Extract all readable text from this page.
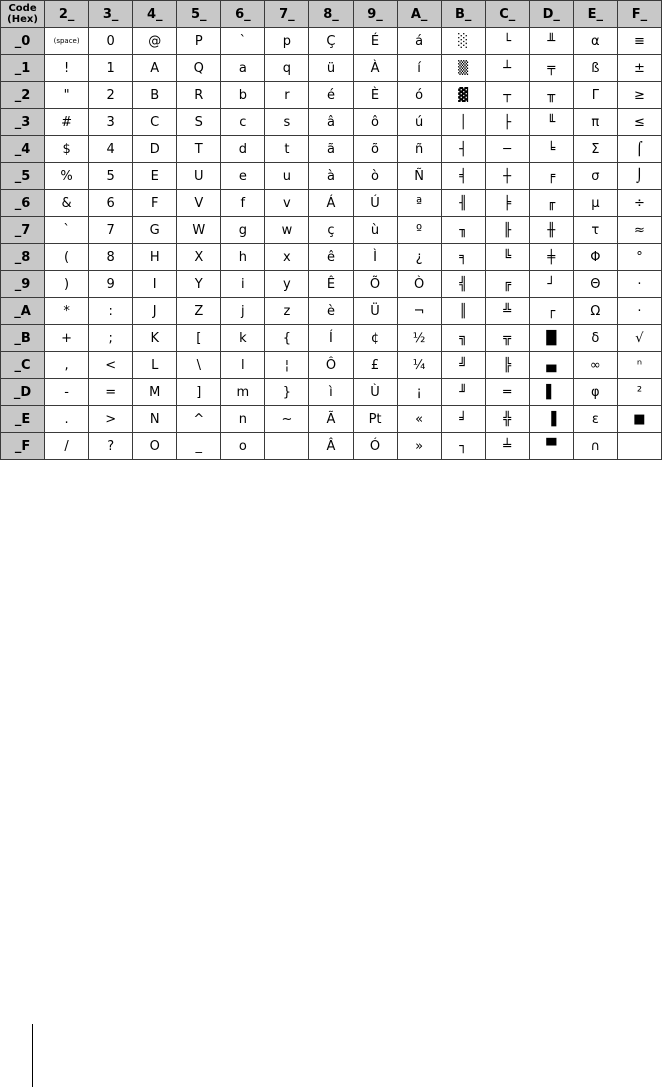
Code (Hex)	2_	3_	4_	5_	6_	7_	8_	9_	A_	B_	C_	D_	E_	F_
_0	(space)	0	@	P	`	p	Ç	É	á	░	└	╨	α	≡
_1	!	1	A	Q	a	q	ü	À	í	▒	┴	╤	ß	±
_2	"	2	B	R	b	r	é	È	ó	▓	┬	╥	Γ	≥
_3	#	3	C	S	c	s	â	ô	ú	│	├	╙	π	≤
_4	$	4	D	T	d	t	ã	õ	ñ	┤	─	╘	Σ	⌠
_5	%	5	E	U	e	u	à	ò	Ñ	╡	┼	╒	σ	⌡
_6	&	6	F	V	f	v	Á	Ú	ª	╢	╞	╓	µ	÷
_7	`	7	G	W	g	w	ç	ù	º	╖	╟	╫	τ	≈
_8	(	8	H	X	h	x	ê	Ì	¿	╕	╚	╪	Φ	°
_9	)	9	I	Y	i	y	Ê	Õ	Ò	╣	╔	┘	Θ	·
_A	*	:	J	Z	j	z	è	Ü	¬	║	╩	┌	Ω	·
_B	+	;	K	[	k	{	Í	¢	½	╗	╦	█	δ	√
_C	,	<	L	\	l	¦	Ô	£	¼	╝	╠	▄	∞	ⁿ
_D	-	=	M	]	m	}	ì	Ù	¡	╜	═	▌	φ	²
_E	.	>	N	^	n	~	Ã	Pt	«	╛	╬	▐	ε	■
_F	/	?	O	_	o		Â	Ó	»	┐	╧	▀	∩	
